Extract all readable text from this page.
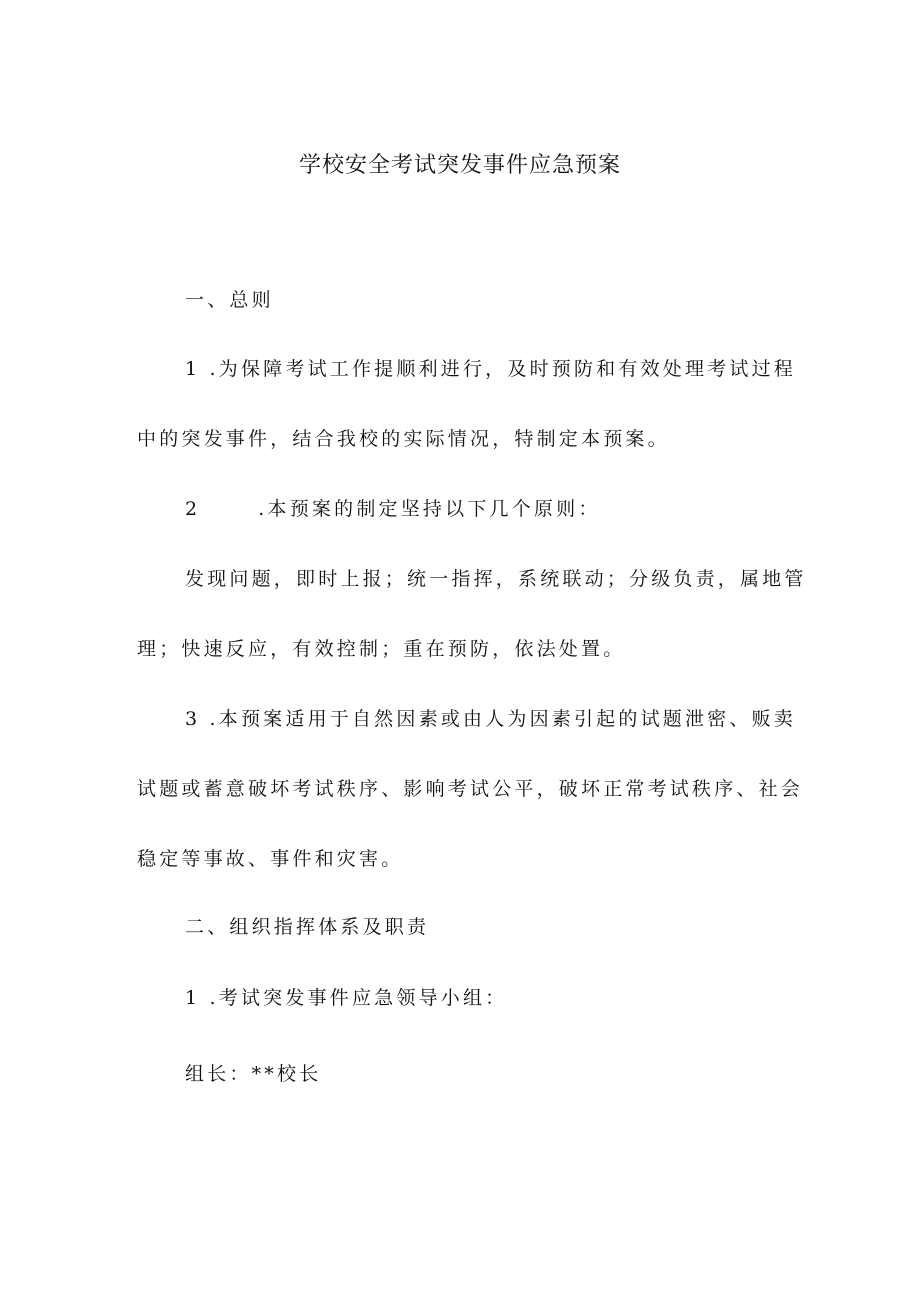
学校安全考试突发事件应急预案
一、总则
1 .为保障考试工作提顺利进行，及时预防和有效处理考试过程
中的突发事件，结合我校的实际情况，特制定本预案。
2	.本预案的制定坚持以下几个原则：
发现问题，即时上报；统一指挥，系统联动；分级负责，属地管
理；快速反应，有效控制；重在预防，依法处置。
3 .本预案适用于自然因素或由人为因素引起的试题泄密、贩卖
试题或蓄意破坏考试秩序、影响考试公平，破坏正常考试秩序、社会
稳定等事故、事件和灾害。
二、组织指挥体系及职责
1 .考试突发事件应急领导小组：
组长：**校长
